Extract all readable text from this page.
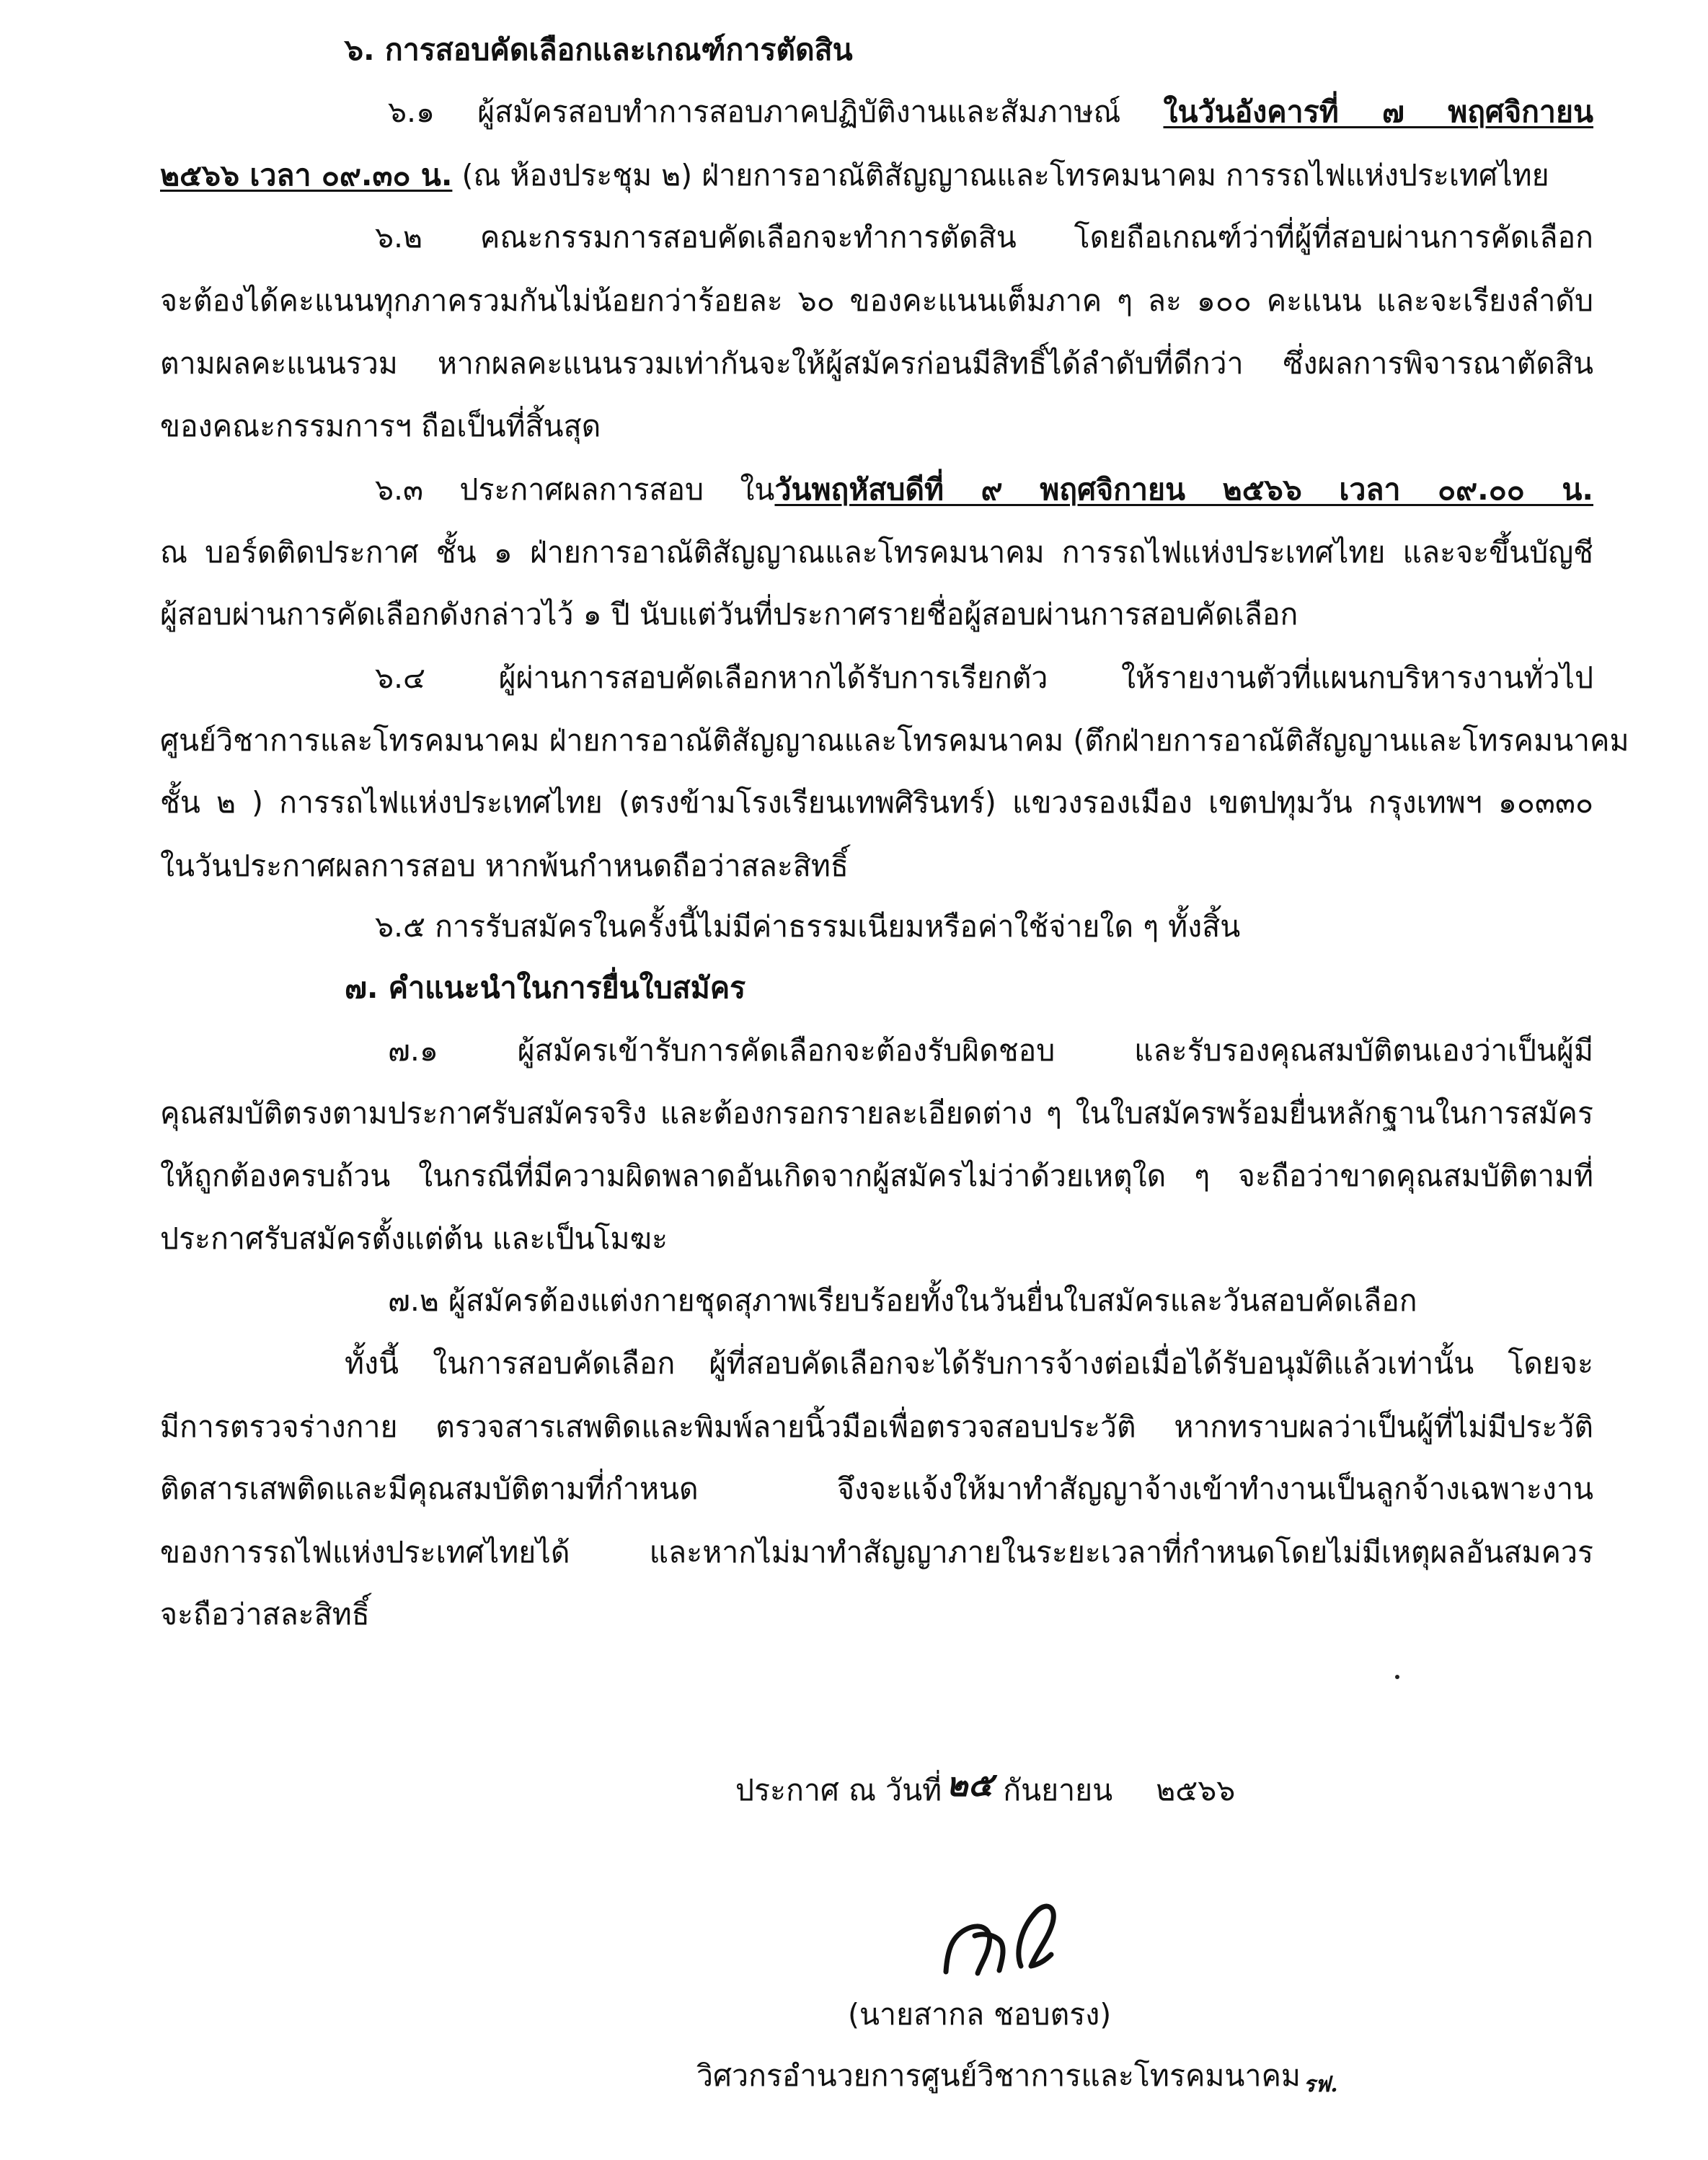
๖. การสอบคัดเลือกและเกณฑ์การตัดสิน

๖.๑ ผู้สมัครสอบทำการสอบภาคปฏิบัติงานและสัมภาษณ์ ในวันอังคารที่ ๗ พฤศจิกายน

๒๕๖๖ เวลา ๐๙.๓๐ น. (ณ ห้องประชุม ๒) ฝ่ายการอาณัติสัญญาณและโทรคมนาคม การรถไฟแห่งประเทศไทย

๖.๒ คณะกรรมการสอบคัดเลือกจะทำการตัดสิน โดยถือเกณฑ์ว่าที่ผู้ที่สอบผ่านการคัดเลือก

จะต้องได้คะแนนทุกภาครวมกันไม่น้อยกว่าร้อยละ ๖๐ ของคะแนนเต็มภาค ๆ ละ ๑๐๐ คะแนน และจะเรียงลำดับ

ตามผลคะแนนรวม หากผลคะแนนรวมเท่ากันจะให้ผู้สมัครก่อนมีสิทธิ์ได้ลำดับที่ดีกว่า ซึ่งผลการพิจารณาตัดสิน

ของคณะกรรมการฯ ถือเป็นที่สิ้นสุด

๖.๓ ประกาศผลการสอบ ในวันพฤหัสบดีที่ ๙ พฤศจิกายน ๒๕๖๖ เวลา ๐๙.๐๐ น.

ณ บอร์ดติดประกาศ ชั้น ๑ ฝ่ายการอาณัติสัญญาณและโทรคมนาคม การรถไฟแห่งประเทศไทย และจะขึ้นบัญชี

ผู้สอบผ่านการคัดเลือกดังกล่าวไว้ ๑ ปี นับแต่วันที่ประกาศรายชื่อผู้สอบผ่านการสอบคัดเลือก

๖.๔ ผู้ผ่านการสอบคัดเลือกหากได้รับการเรียกตัว ให้รายงานตัวที่แผนกบริหารงานทั่วไป

ศูนย์วิชาการและโทรคมนาคม ฝ่ายการอาณัติสัญญาณและโทรคมนาคม (ตึกฝ่ายการอาณัติสัญญานและโทรคมนาคม

ชั้น ๒ ) การรถไฟแห่งประเทศไทย (ตรงข้ามโรงเรียนเทพศิรินทร์) แขวงรองเมือง เขตปทุมวัน กรุงเทพฯ ๑๐๓๓๐

ในวันประกาศผลการสอบ หากพ้นกำหนดถือว่าสละสิทธิ์

๖.๕ การรับสมัครในครั้งนี้ไม่มีค่าธรรมเนียมหรือค่าใช้จ่ายใด ๆ ทั้งสิ้น

๗. คำแนะนำในการยื่นใบสมัคร

๗.๑ ผู้สมัครเข้ารับการคัดเลือกจะต้องรับผิดชอบ และรับรองคุณสมบัติตนเองว่าเป็นผู้มี

คุณสมบัติตรงตามประกาศรับสมัครจริง และต้องกรอกรายละเอียดต่าง ๆ ในใบสมัครพร้อมยื่นหลักฐานในการสมัคร

ให้ถูกต้องครบถ้วน ในกรณีที่มีความผิดพลาดอันเกิดจากผู้สมัครไม่ว่าด้วยเหตุใด ๆ จะถือว่าขาดคุณสมบัติตามที่

ประกาศรับสมัครตั้งแต่ต้น และเป็นโมฆะ

๗.๒ ผู้สมัครต้องแต่งกายชุดสุภาพเรียบร้อยทั้งในวันยื่นใบสมัครและวันสอบคัดเลือก

ทั้งนี้ ในการสอบคัดเลือก ผู้ที่สอบคัดเลือกจะได้รับการจ้างต่อเมื่อได้รับอนุมัติแล้วเท่านั้น โดยจะ

มีการตรวจร่างกาย ตรวจสารเสพติดและพิมพ์ลายนิ้วมือเพื่อตรวจสอบประวัติ หากทราบผลว่าเป็นผู้ที่ไม่มีประวัติ

ติดสารเสพติดและมีคุณสมบัติตามที่กำหนด จึงจะแจ้งให้มาทำสัญญาจ้างเข้าทำงานเป็นลูกจ้างเฉพาะงาน

ของการรถไฟแห่งประเทศไทยได้ และหากไม่มาทำสัญญาภายในระยะเวลาที่กำหนดโดยไม่มีเหตุผลอันสมควร

จะถือว่าสละสิทธิ์

ประกาศ ณ วันที่ ๒๕ กันยายน ๒๕๖๖

(นายสากล ชอบตรง)

วิศวกรอำนวยการศูนย์วิชาการและโทรคมนาคม รฟ.
